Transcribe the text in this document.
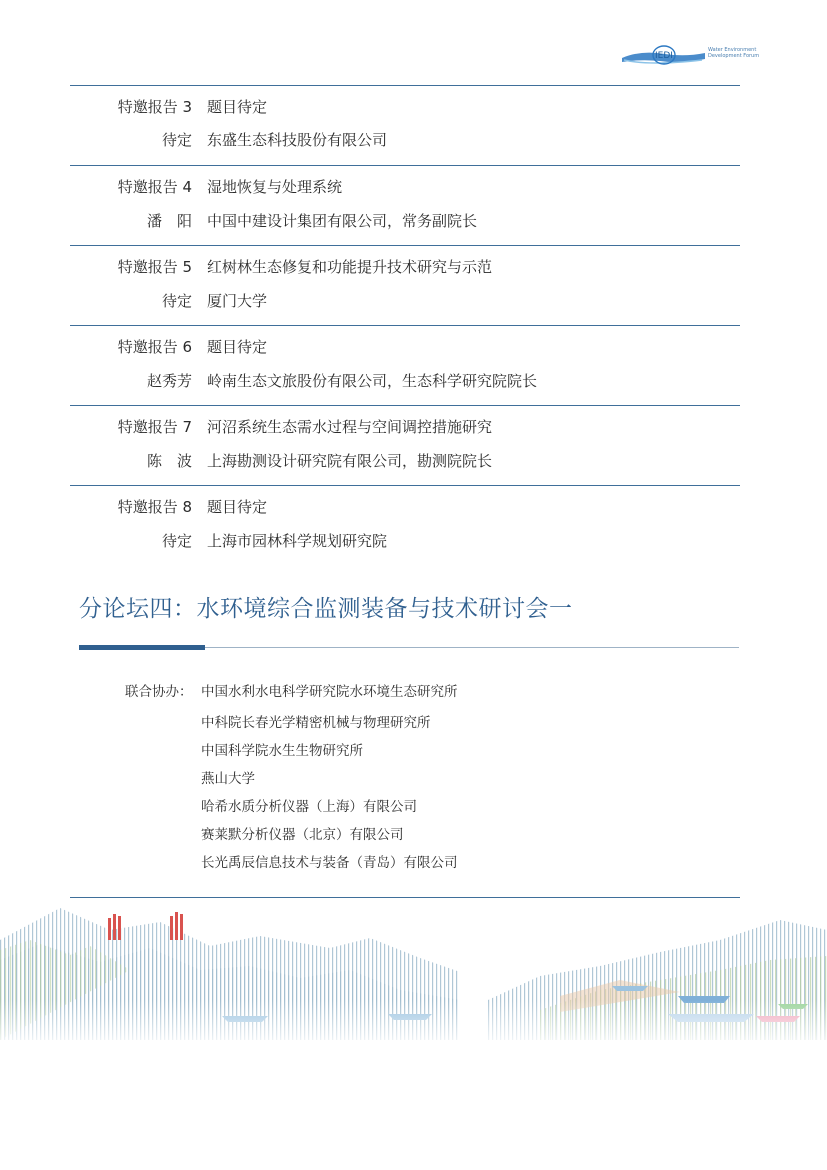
IEDI
Water Environment
Development Forum
特邀报告 3 题目待定
待定 东盛生态科技股份有限公司
特邀报告 4 湿地恢复与处理系统
潘　阳 中国中建设计集团有限公司，常务副院长
特邀报告 5 红树林生态修复和功能提升技术研究与示范
待定 厦门大学
特邀报告 6 题目待定
赵秀芳 岭南生态文旅股份有限公司，生态科学研究院院长
特邀报告 7 河沼系统生态需水过程与空间调控措施研究
陈　波 上海勘测设计研究院有限公司，勘测院院长
特邀报告 8 题目待定
待定 上海市园林科学规划研究院
分论坛四：水环境综合监测装备与技术研讨会一
联合协办： 中国水利水电科学研究院水环境生态研究所
中科院长春光学精密机械与物理研究所
中国科学院水生生物研究所
燕山大学
哈希水质分析仪器（上海）有限公司
赛莱默分析仪器（北京）有限公司
长光禹辰信息技术与装备（青岛）有限公司
